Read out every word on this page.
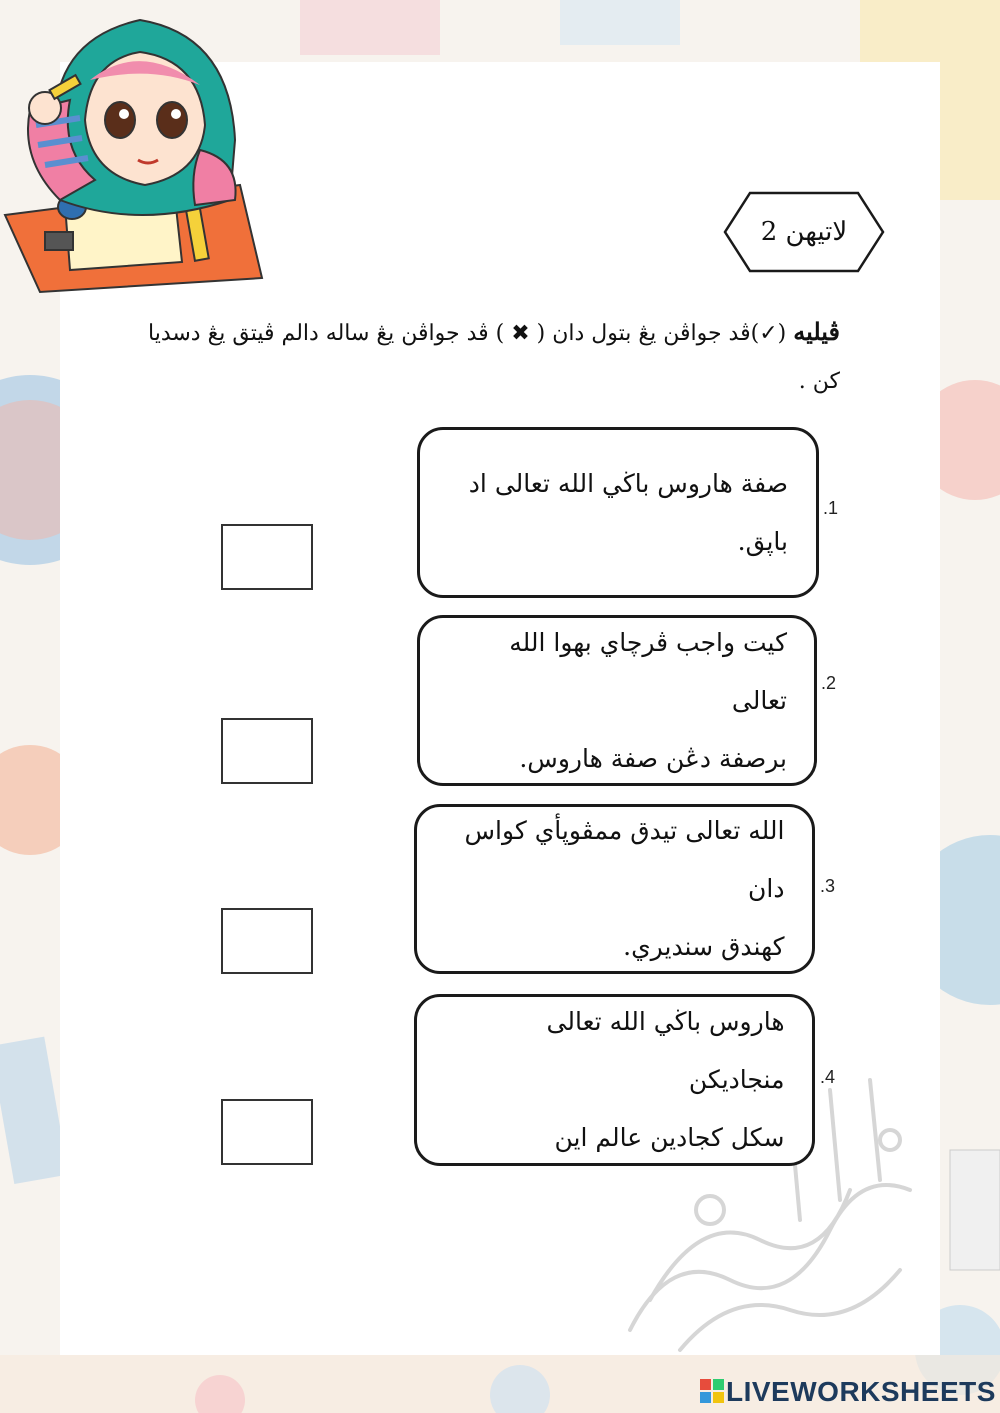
لاتيهن 2
ڤيليه (✓)ڤد جواڤن يڠ بتول دان ( ✖ ) ڤد جواڤن يڠ ساله دالم ڤيتق يڠ دسديا كن .
صفة هاروس باڬي الله تعالى اد باڽق.
.1
كيت واجب ڤرچاي بهوا الله تعالى
برصفة دڠن صفة هاروس.
.2
الله تعالى تيدق ممڤوڽأي كواس دان
كهندق سنديري.
.3
هاروس باڬي الله تعالى منجاديكن
سكل كجادين عالم اين
.4
LIVEWORKSHEETS
